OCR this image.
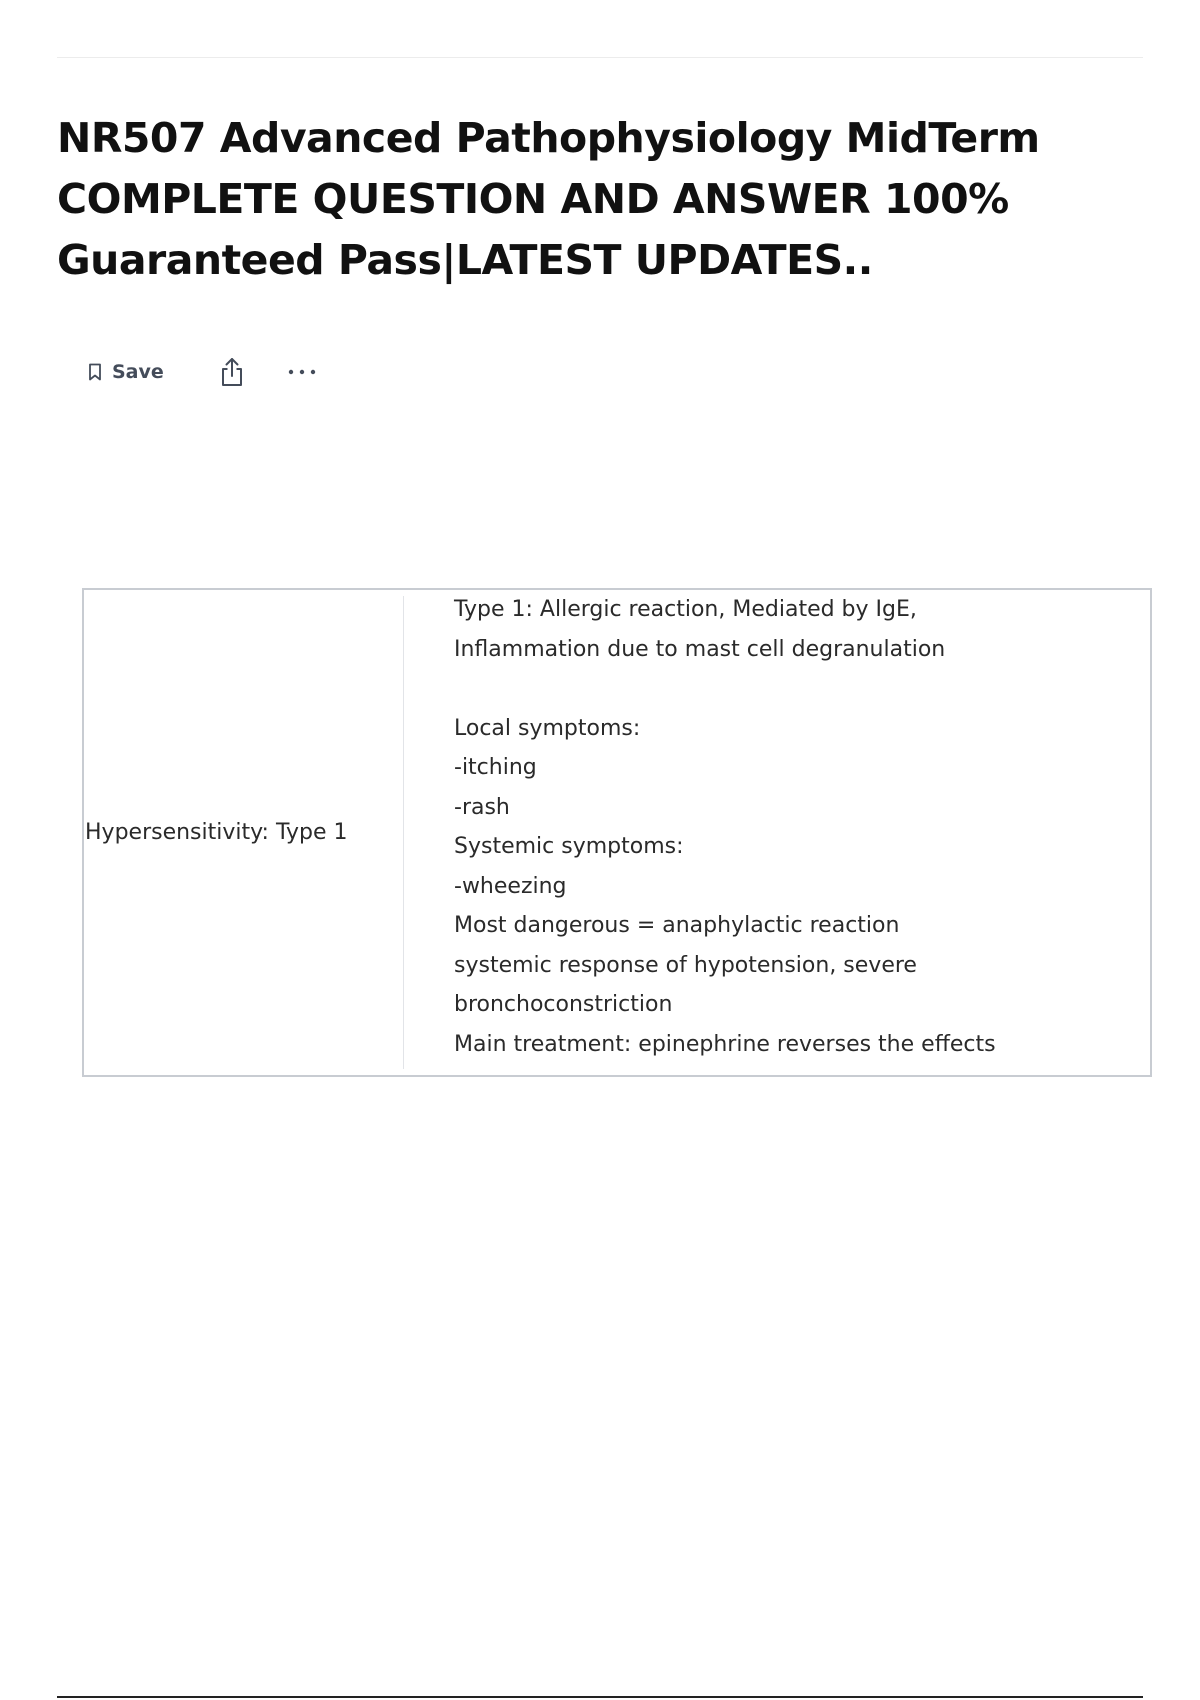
NR507 Advanced Pathophysiology MidTerm COMPLETE QUESTION AND ANSWER 100% Guaranteed Pass|LATEST UPDATES..
Save
Hypersensitivity: Type 1
Type 1: Allergic reaction, Mediated by IgE,
Inflammation due to mast cell degranulation
Local symptoms:
-itching
-rash
Systemic symptoms:
-wheezing
Most dangerous = anaphylactic reaction
systemic response of hypotension, severe
bronchoconstriction
Main treatment: epinephrine reverses the effects
